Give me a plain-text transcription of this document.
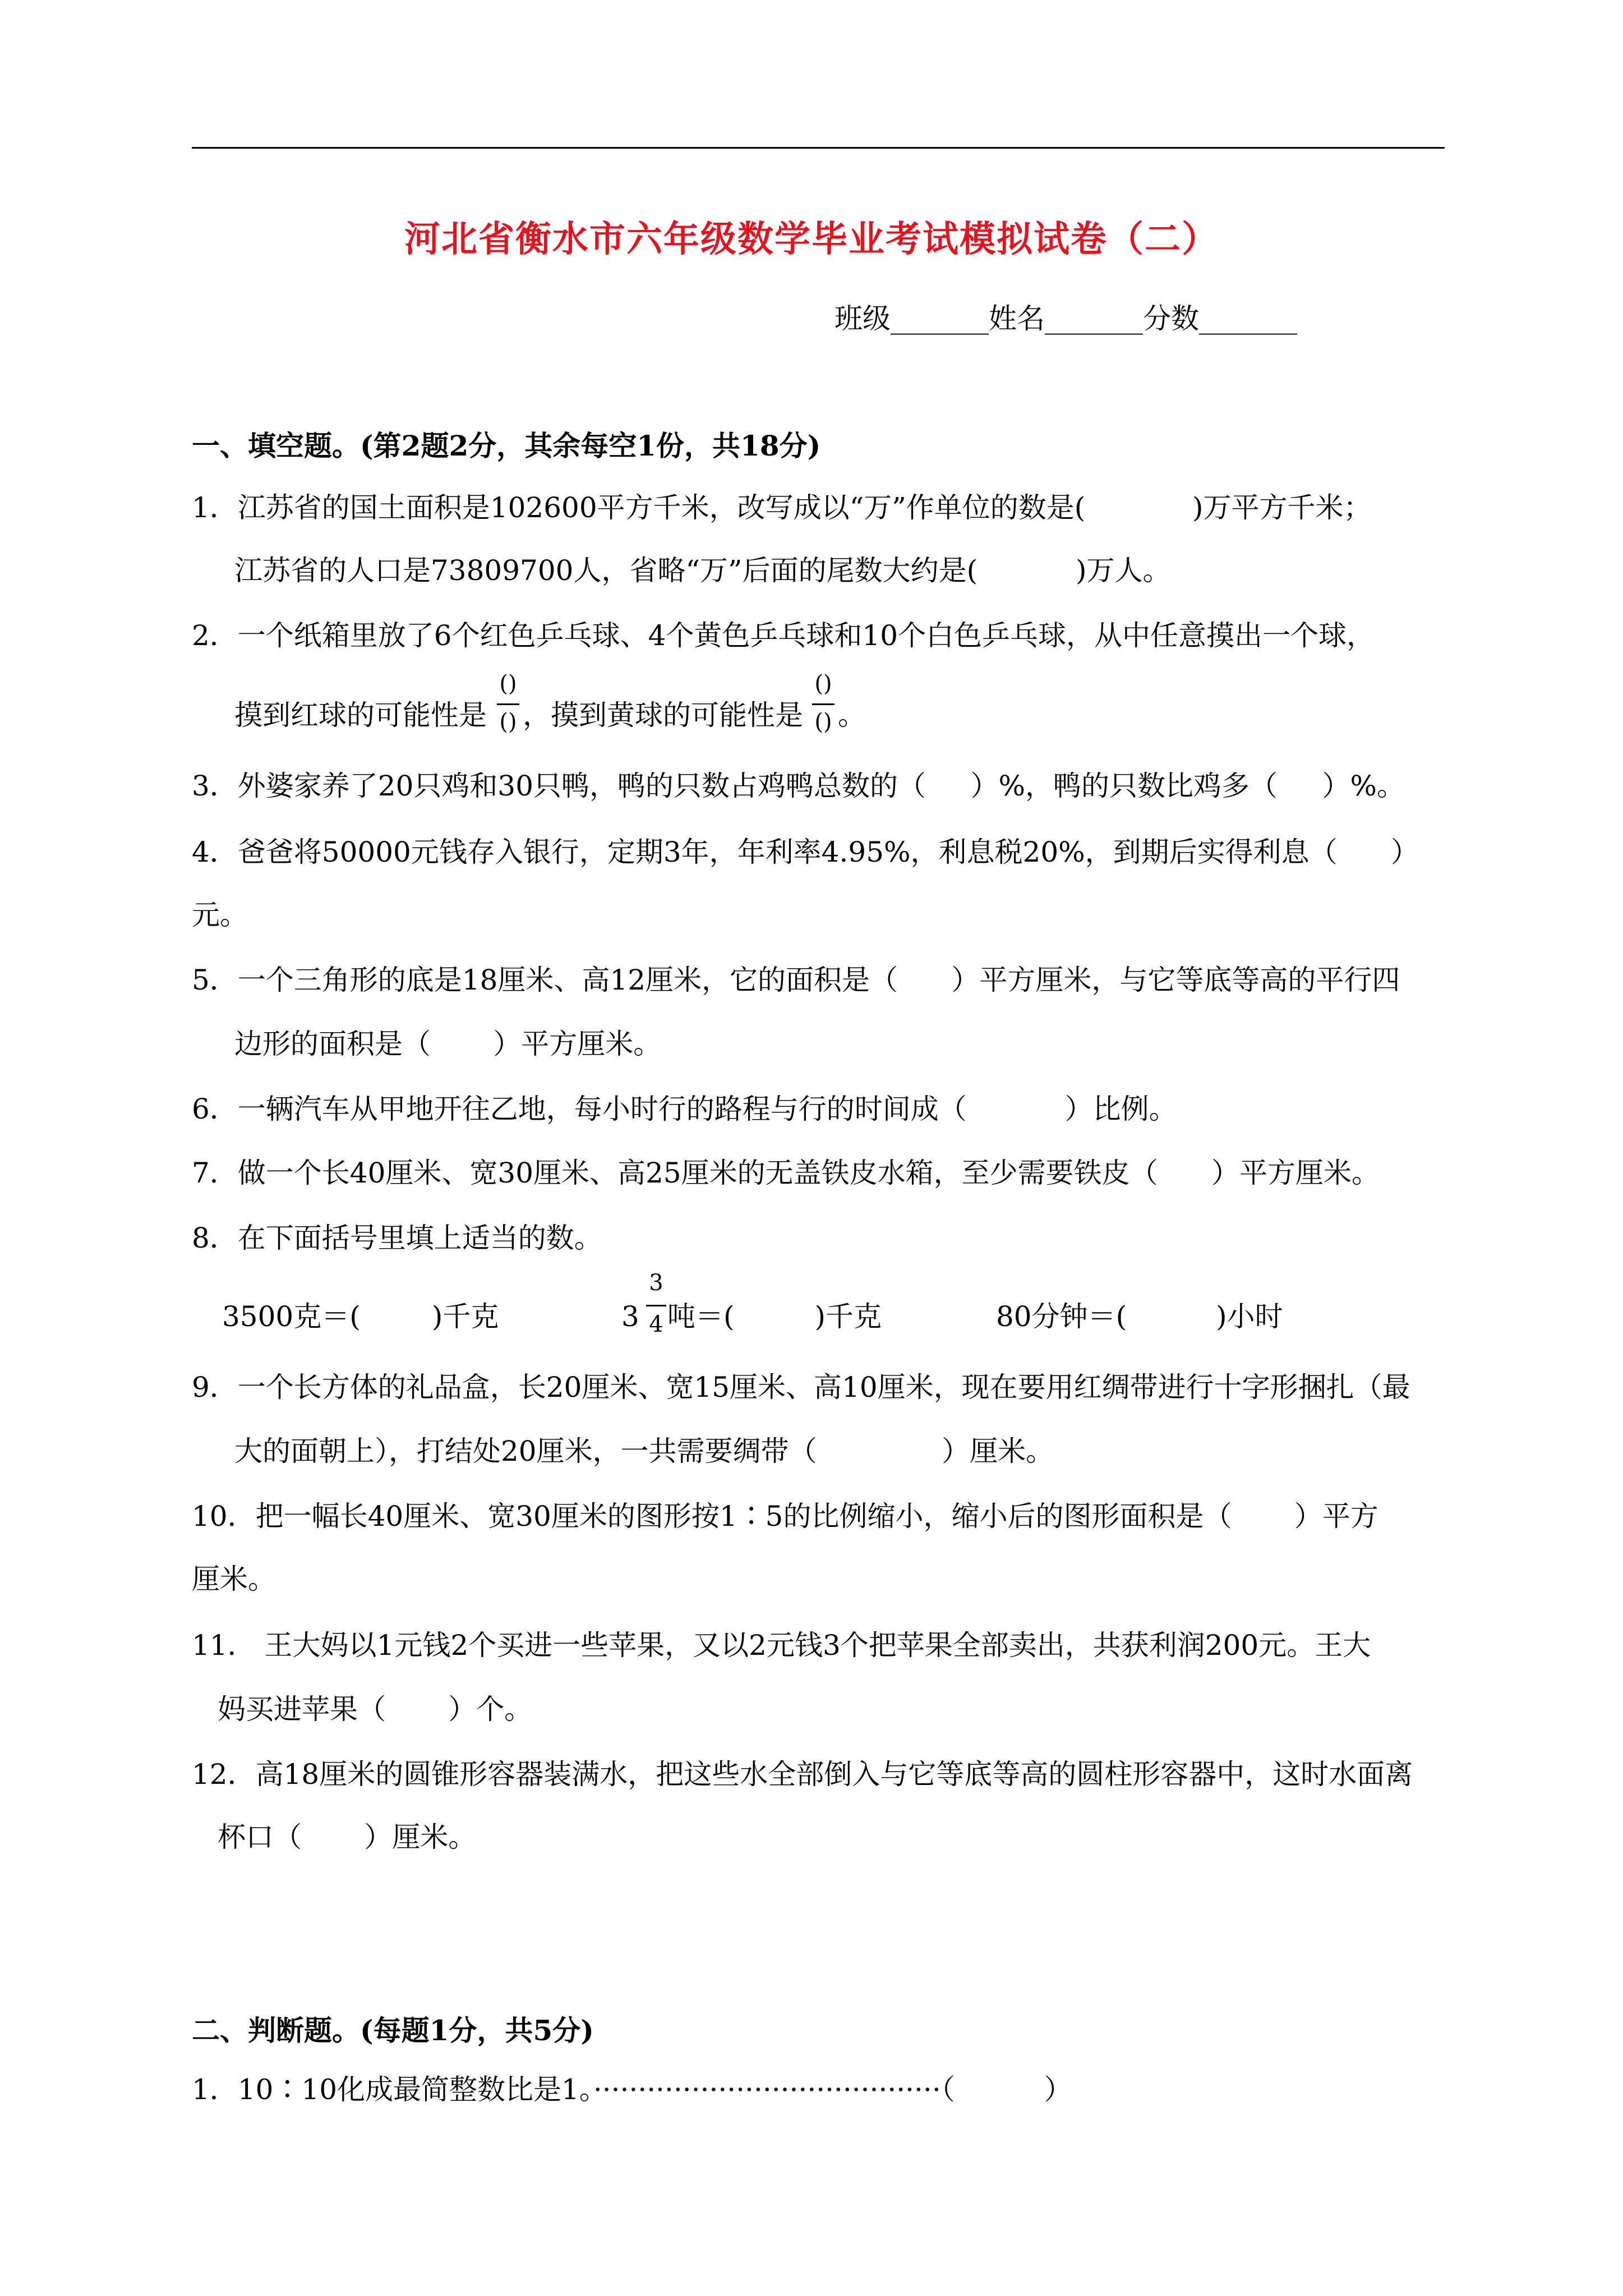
河北省衡水市六年级数学毕业考试模拟试卷（二）
班级_______姓名_______分数_______
一、填空题。(第2题2分，其余每空1份，共18分)
1．江苏省的国土面积是102600平方千米，改写成以“万”作单位的数是(            )万平方千米；
江苏省的人口是73809700人，省略“万”后面的尾数大约是(           )万人。
2．一个纸箱里放了6个红色乒乓球、4个黄色乒乓球和10个白色乒乓球，从中任意摸出一个球，
摸到红球的可能性是
()
() ，摸到黄球的可能性是
()
() 。
3．外婆家养了20只鸡和30只鸭，鸭的只数占鸡鸭总数的（     ）%，鸭的只数比鸡多（     ）%。
4．爸爸将50000元钱存入银行，定期3年，年利率4.95%，利息税20%，到期后实得利息（      ）
元。
5．一个三角形的底是18厘米、高12厘米，它的面积是（      ）平方厘米，与它等底等高的平行四
边形的面积是（       ）平方厘米。
6．一辆汽车从甲地开往乙地，每小时行的路程与行的时间成（           ）比例。
7．做一个长40厘米、宽30厘米、高25厘米的无盖铁皮水箱，至少需要铁皮（      ）平方厘米。
8．在下面括号里填上适当的数。
3500克＝(        )千克	3
3
4 吨＝(         )千克	80分钟＝(          )小时
9．一个长方体的礼品盒，长20厘米、宽15厘米、高10厘米，现在要用红绸带进行十字形捆扎（最
大的面朝上），打结处20厘米，一共需要绸带（              ）厘米。
10．把一幅长40厘米、宽30厘米的图形按1∶5的比例缩小，缩小后的图形面积是（       ）平方
厘米。
11． 王大妈以1元钱2个买进一些苹果，又以2元钱3个把苹果全部卖出，共获利润200元。王大
妈买进苹果（       ）个。
12．高18厘米的圆锥形容器装满水，把这些水全部倒入与它等底等高的圆柱形容器中，这时水面离
杯口（       ）厘米。
二、判断题。(每题1分，共5分)
1．10∶10化成最简整数比是1。·······································（          ）
